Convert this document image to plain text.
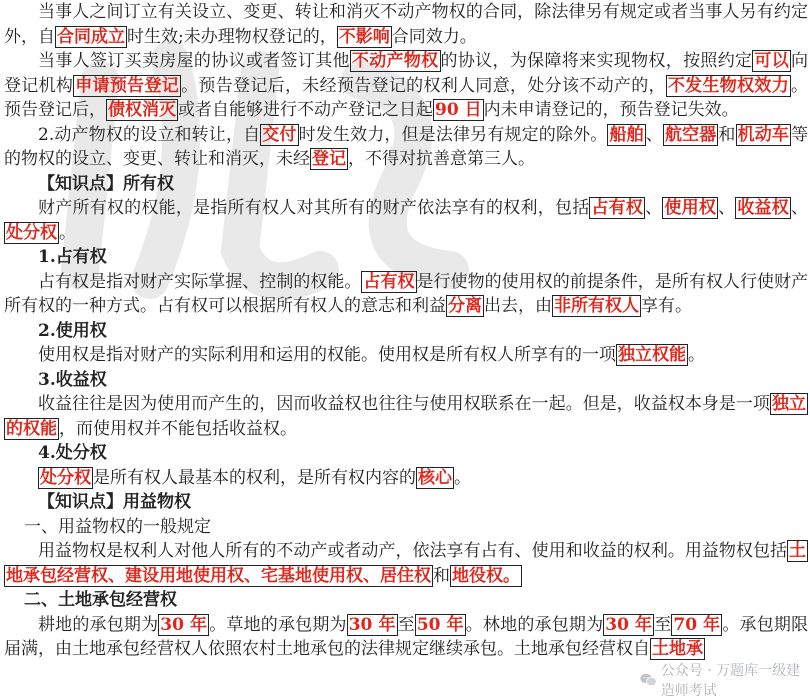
当事人之间订立有关设立、变更、转让和消灭不动产物权的合同，除法律另有规定或者当事人另有约定外，自 合同成立 时生效;未办理物权登记的， 不影响 合同效力。

当事人签订买卖房屋的协议或者签订其他 不动产物权 的协议，为保障将来实现物权，按照约定 可以 向登记机构 申请预告登记 。预告登记后，未经预告登记的权利人同意，处分该不动产的， 不发生物权效力 。预告登记后， 债权消灭 或者自能够进行不动产登记之日起 90 日 内未申请登记的，预告登记失效。

2.动产物权的设立和转让，自 交付 时发生效力，但是法律另有规定的除外。 船舶 、 航空器 和 机动车 等的物权的设立、变更、转让和消灭，未经 登记 ，不得对抗善意第三人。

【知识点】所有权

财产所有权的权能，是指所有权人对其所有的财产依法享有的权利，包括 占有权 、 使用权 、 收益权 、处分权 。

1.占有权

占有权是指对财产实际掌握、控制的权能。 占有权 是行使物的使用权的前提条件，是所有权人行使财产所有权的一种方式。占有权可以根据所有权人的意志和利益 分离 出去，由 非所有权人 享有。

2.使用权

使用权是指对财产的实际利用和运用的权能。使用权是所有权人所享有的一项 独立权能 。

3.收益权

收益往往是因为使用而产生的，因而收益权也往往与使用权联系在一起。但是，收益权本身是一项 独立的权能 ，而使用权并不能包括收益权。

4.处分权

处分权 是所有权人最基本的权利，是所有权内容的 核心 。

【知识点】用益物权

一、用益物权的一般规定

用益物权是权利人对他人所有的不动产或者动产，依法享有占有、使用和收益的权利。用益物权包括 土地承包经营权、建设用地使用权、宅基地使用权、居住权 和 地役权。

二、土地承包经营权

耕地的承包期为 30 年 。草地的承包期为 30 年 至 50 年 。林地的承包期为 30 年 至 70 年 。承包期限届满，由土地承包经营权人依照农村土地承包的法律规定继续承包。土地承包经营权自 土地承

公众号 · 万题库一级建造师考试
